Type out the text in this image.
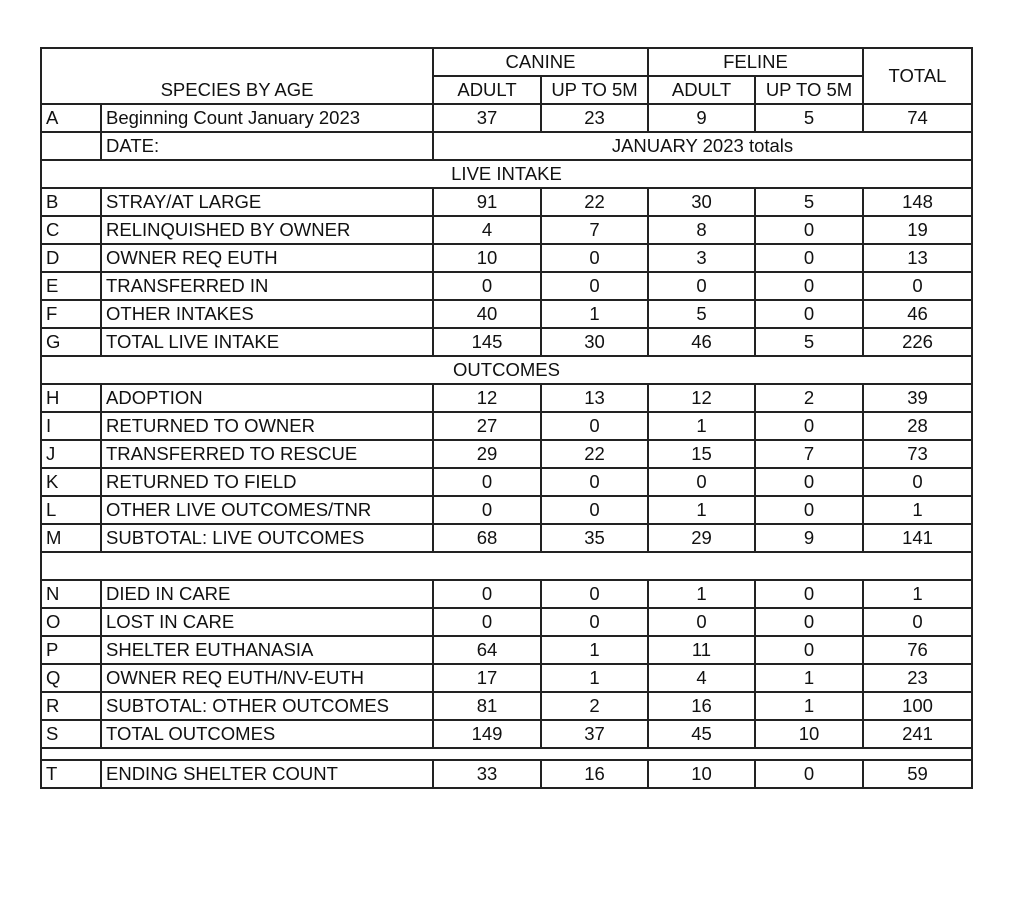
SPECIES BY AGE		CANINE		FELINE		TOTAL
		ADULT	UP TO 5M	ADULT	UP TO 5M	
A	Beginning Count January 2023	37	23	9	5	74
	DATE:	JANUARY 2023 totals				
LIVE INTAKE						
B	STRAY/AT LARGE	91	22	30	5	148
C	RELINQUISHED BY OWNER	4	7	8	0	19
D	OWNER REQ EUTH	10	0	3	0	13
E	TRANSFERRED IN	0	0	0	0	0
F	OTHER INTAKES	40	1	5	0	46
G	TOTAL LIVE INTAKE	145	30	46	5	226
OUTCOMES						
H	ADOPTION	12	13	12	2	39
I	RETURNED TO OWNER	27	0	1	0	28
J	TRANSFERRED TO RESCUE	29	22	15	7	73
K	RETURNED TO FIELD	0	0	0	0	0
L	OTHER LIVE OUTCOMES/TNR	0	0	1	0	1
M	SUBTOTAL: LIVE OUTCOMES	68	35	29	9	141

N	DIED IN CARE	0	0	1	0	1
O	LOST IN CARE	0	0	0	0	0
P	SHELTER EUTHANASIA	64	1	11	0	76
Q	OWNER REQ EUTH/NV-EUTH	17	1	4	1	23
R	SUBTOTAL: OTHER OUTCOMES	81	2	16	1	100
S	TOTAL OUTCOMES	149	37	45	10	241

T	ENDING SHELTER COUNT	33	16	10	0	59
